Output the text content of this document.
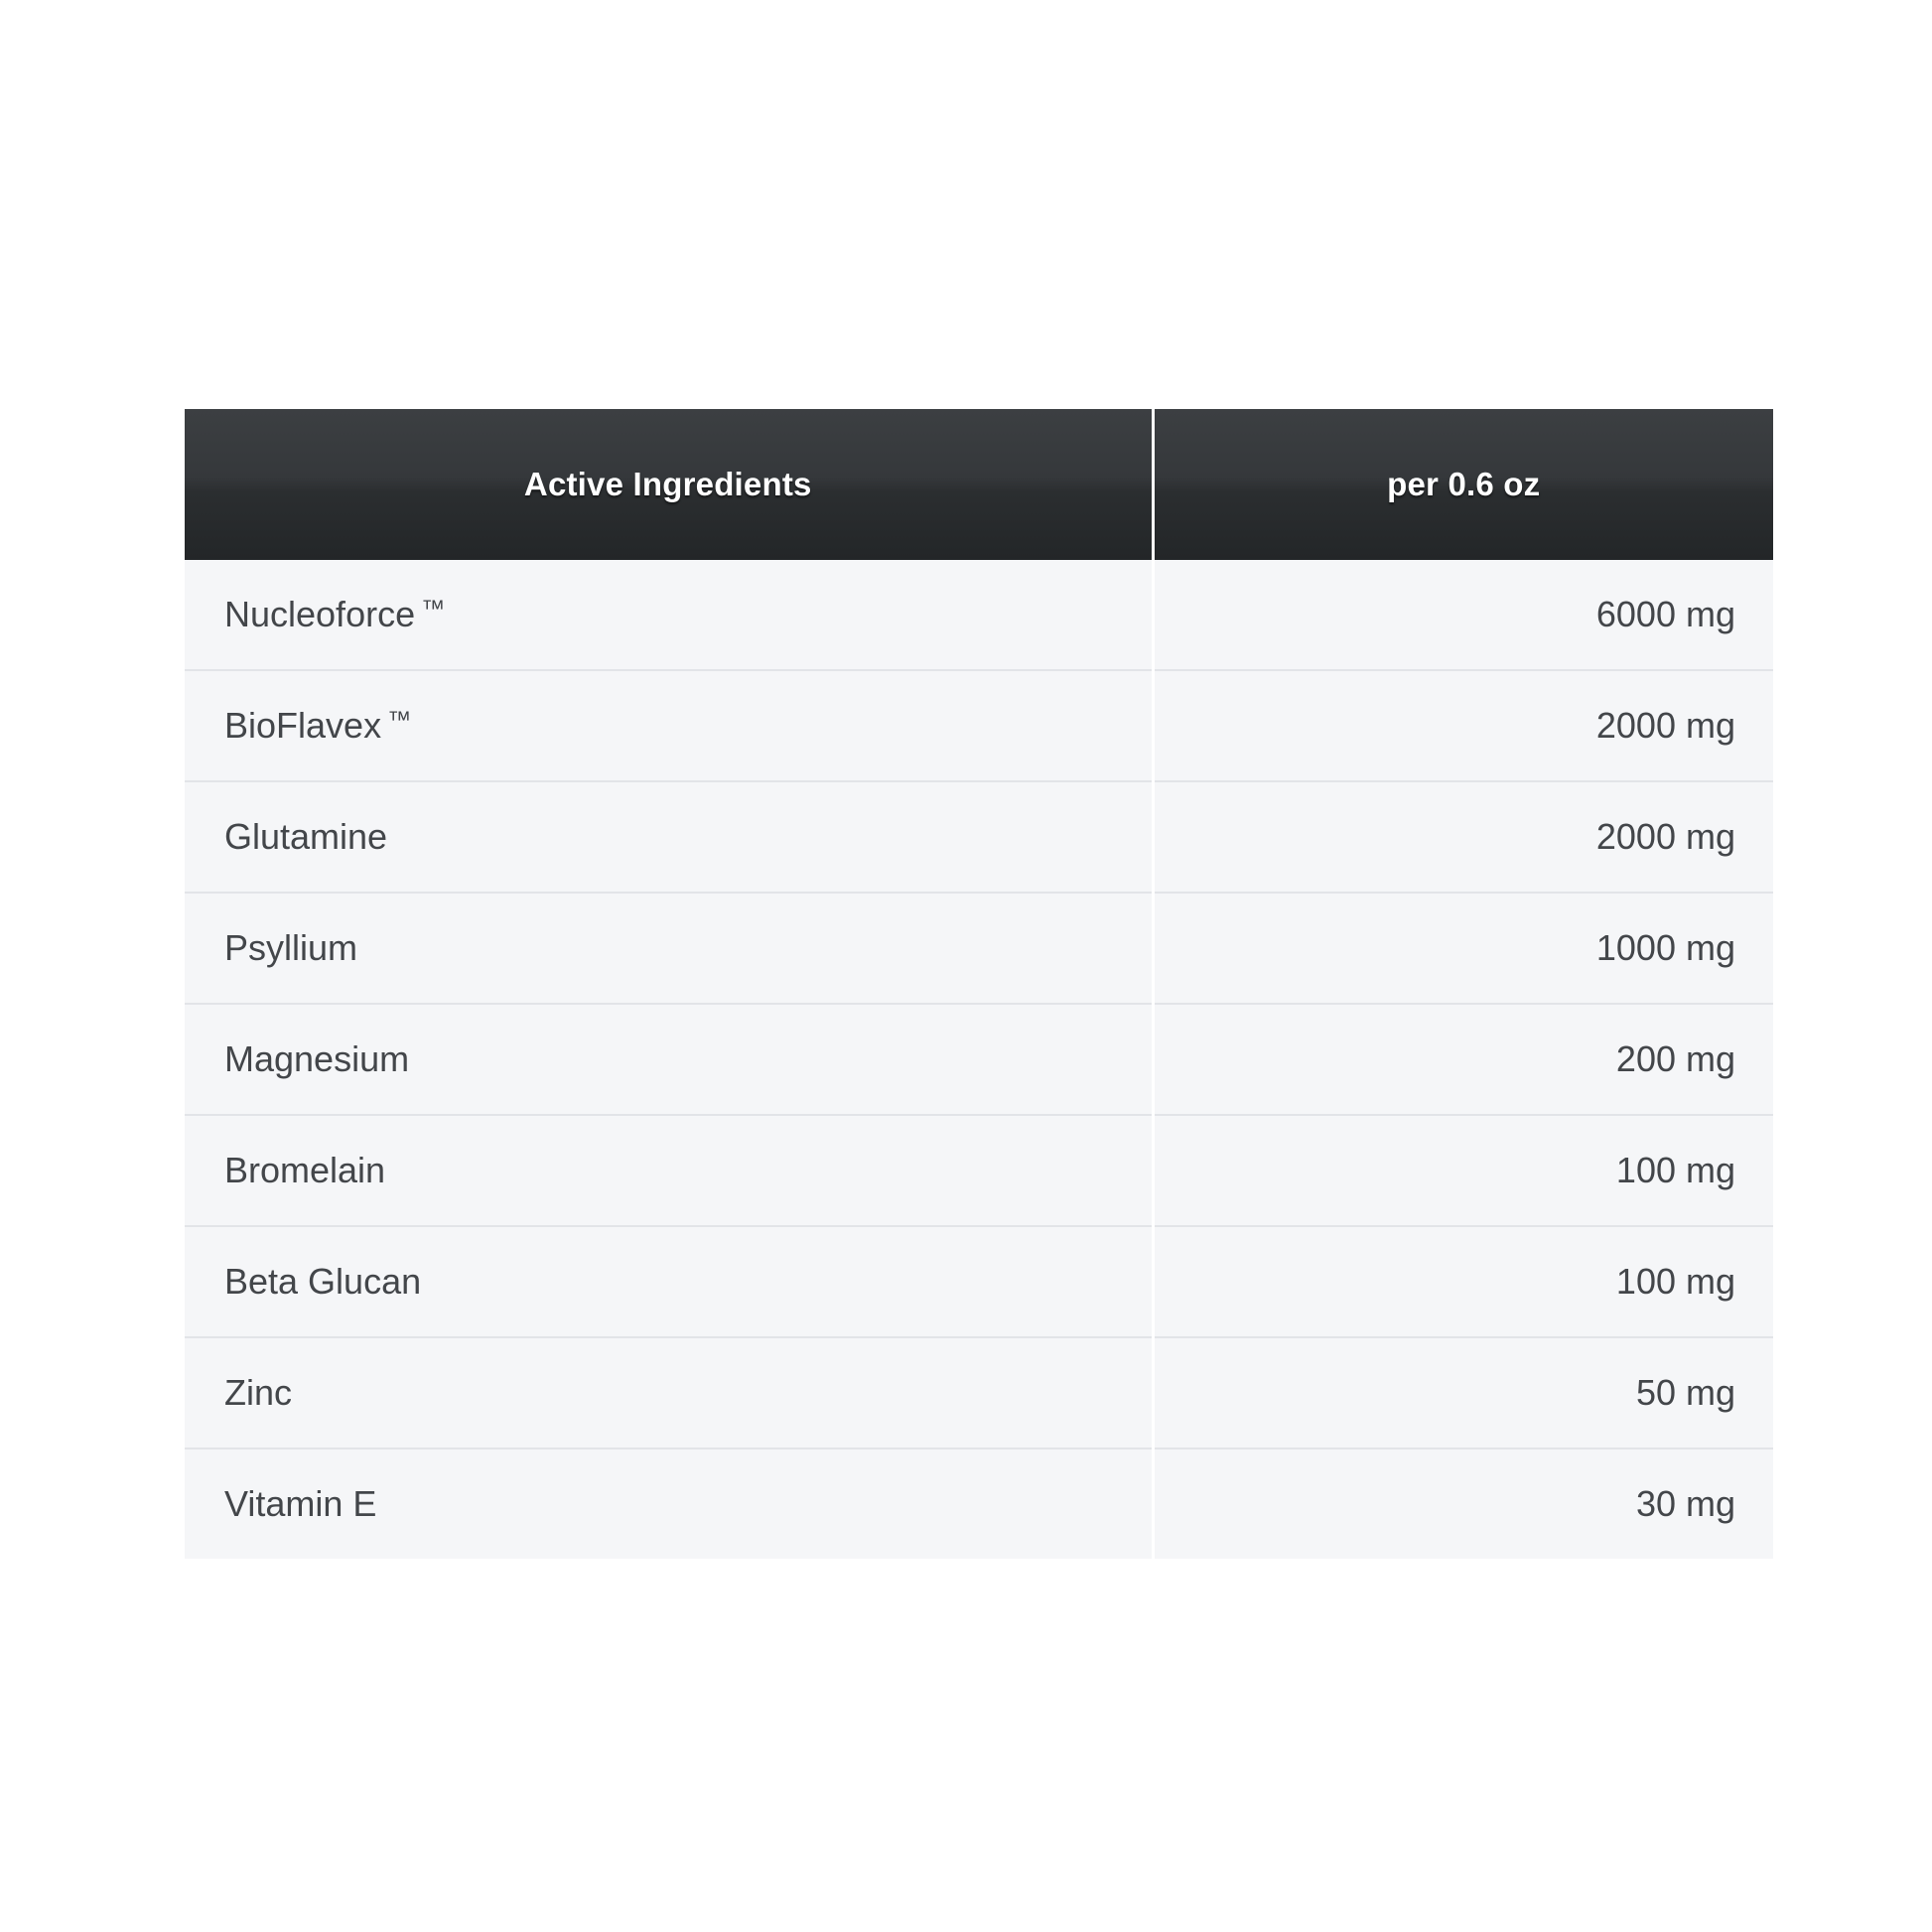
Active Ingredients	per 0.6 oz
Nucleoforce ™	6000 mg
BioFlavex ™	2000 mg
Glutamine	2000 mg
Psyllium	1000 mg
Magnesium	200 mg
Bromelain	100 mg
Beta Glucan	100 mg
Zinc	50 mg
Vitamin E	30 mg
